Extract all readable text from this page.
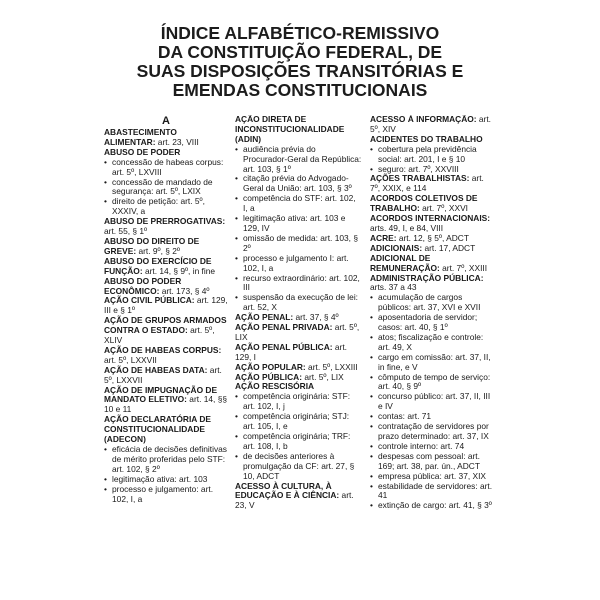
ÍNDICE ALFABÉTICO-REMISSIVO
DA CONSTITUIÇÃO FEDERAL, DE
SUAS DISPOSIÇÕES TRANSITÓRIAS E
EMENDAS CONSTITUCIONAIS
A

ABASTECIMENTO ALIMENTAR: art. 23, VIII

ABUSO DE PODER

• concessão de habeas corpus: art. 5º, LXVIII
• concessão de mandado de segurança: art. 5º, LXIX
• direito de petição: art. 5º, XXXIV, a

ABUSO DE PRERROGATIVAS: art. 55, § 1º

ABUSO DO DIREITO DE GREVE: art. 9º, § 2º

ABUSO DO EXERCÍCIO DE FUNÇÃO: art. 14, § 9º, in fine

ABUSO DO PODER ECONÔMICO: art. 173, § 4º

AÇÃO CIVIL PÚBLICA: art. 129, III e § 1º

AÇÃO DE GRUPOS ARMADOS CONTRA O ESTADO: art. 5º, XLIV

AÇÃO DE HABEAS CORPUS: art. 5º, LXXVII

AÇÃO DE HABEAS DATA: art. 5º, LXXVII

AÇÃO DE IMPUGNAÇÃO DE MANDATO ELETIVO: art. 14, §§ 10 e 11

AÇÃO DECLARATÓRIA DE CONSTITUCIONALIDADE (ADECON)

• eficácia de decisões definitivas de mérito proferidas pelo STF: art. 102, § 2º
• legitimação ativa: art. 103
• processo e julgamento: art. 102, I, a

AÇÃO DIRETA DE INCONSTITUCIONALIDADE (ADIN)

• audiência prévia do Procurador-Geral da República: art. 103, § 1º
• citação prévia do Advogado-Geral da União: art. 103, § 3º
• competência do STF: art. 102, I, a
• legitimação ativa: art. 103 e 129, IV
• omissão de medida: art. 103, § 2º
• processo e julgamento I: art. 102, I, a
• recurso extraordinário: art. 102, III
• suspensão da execução de lei: art. 52, X

AÇÃO PENAL: art. 37, § 4º

AÇÃO PENAL PRIVADA: art. 5º, LIX

AÇÃO PENAL PÚBLICA: art. 129, I

AÇÃO POPULAR: art. 5º, LXXIII

AÇÃO PÚBLICA: art. 5º, LIX

AÇÃO RESCISÓRIA

• competência originária: STF: art. 102, I, j
• competência originária; STJ: art. 105, I, e
• competência originária; TRF: art. 108, I, b
• de decisões anteriores à promulgação da CF: art. 27, § 10, ADCT

ACESSO À CULTURA, À EDUCAÇÃO E À CIÊNCIA: art. 23, V

ACESSO À INFORMAÇÃO: art. 5º, XIV

ACIDENTES DO TRABALHO

• cobertura pela previdência social: art. 201, I e § 10
• seguro: art. 7º, XXVIII

AÇÕES TRABALHISTAS: art. 7º, XXIX, e 114

ACORDOS COLETIVOS DE TRABALHO: art. 7º, XXVI

ACORDOS INTERNACIONAIS: arts. 49, I, e 84, VIII

ACRE: art. 12, § 5º, ADCT

ADICIONAIS: art. 17, ADCT

ADICIONAL DE REMUNERAÇÃO: art. 7º, XXIII

ADMINISTRAÇÃO PÚBLICA: arts. 37 a 43

• acumulação de cargos públicos: art. 37, XVI e XVII
• aposentadoria de servidor; casos: art. 40, § 1º
• atos; fiscalização e controle: art. 49, X
• cargo em comissão: art. 37, II, in fine, e V
• cômputo de tempo de serviço: art. 40, § 9º
• concurso público: art. 37, II, III e IV
• contas: art. 71
• contratação de servidores por prazo determinado: art. 37, IX
• controle interno: art. 74
• despesas com pessoal: art. 169; art. 38, par. ún., ADCT
• empresa pública: art. 37, XIX
• estabilidade de servidores: art. 41
• extinção de cargo: art. 41, § 3º
